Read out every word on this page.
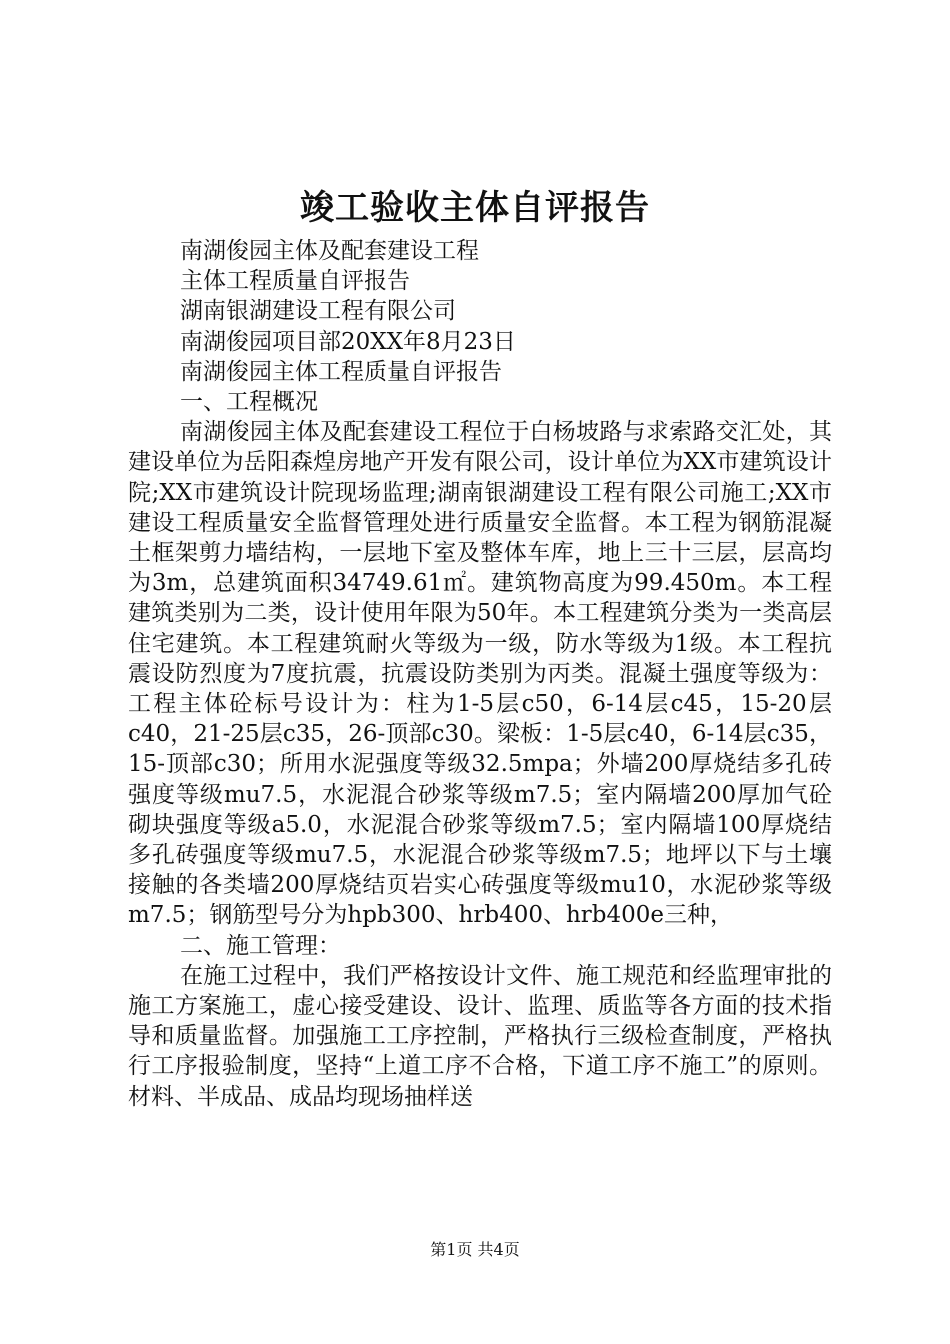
竣工验收主体自评报告

南湖俊园主体及配套建设工程

主体工程质量自评报告

湖南银湖建设工程有限公司

南湖俊园项目部20XX年8月23日

南湖俊园主体工程质量自评报告

一、工程概况

南湖俊园主体及配套建设工程位于白杨坡路与求索路交汇处，其建设单位为岳阳森煌房地产开发有限公司，设计单位为XX市建筑设计院;XX市建筑设计院现场监理;湖南银湖建设工程有限公司施工;XX市建设工程质量安全监督管理处进行质量安全监督。本工程为钢筋混凝土框架剪力墙结构，一层地下室及整体车库，地上三十三层，层高均为3m，总建筑面积34749.61㎡。建筑物高度为99.450m。本工程建筑类别为二类，设计使用年限为50年。本工程建筑分类为一类高层住宅建筑。本工程建筑耐火等级为一级，防水等级为1级。本工程抗震设防烈度为7度抗震，抗震设防类别为丙类。混凝土强度等级为：工程主体砼标号设计为：柱为1-5层c50，6-14层c45，15-20层c40，21-25层c35，26-顶部c30。梁板：1-5层c40，6-14层c35，15-顶部c30；所用水泥强度等级32.5mpa；外墙200厚烧结多孔砖强度等级mu7.5，水泥混合砂浆等级m7.5；室内隔墙200厚加气砼砌块强度等级a5.0，水泥混合砂浆等级m7.5；室内隔墙100厚烧结多孔砖强度等级mu7.5，水泥混合砂浆等级m7.5；地坪以下与土壤接触的各类墙200厚烧结页岩实心砖强度等级mu10，水泥砂浆等级m7.5；钢筋型号分为hpb300、hrb400、hrb400e三种，

二、施工管理：

在施工过程中，我们严格按设计文件、施工规范和经监理审批的施工方案施工，虚心接受建设、设计、监理、质监等各方面的技术指导和质量监督。加强施工工序控制，严格执行三级检查制度，严格执行工序报验制度，坚持“上道工序不合格，下道工序不施工”的原则。材料、半成品、成品均现场抽样送

第1页 共4页
